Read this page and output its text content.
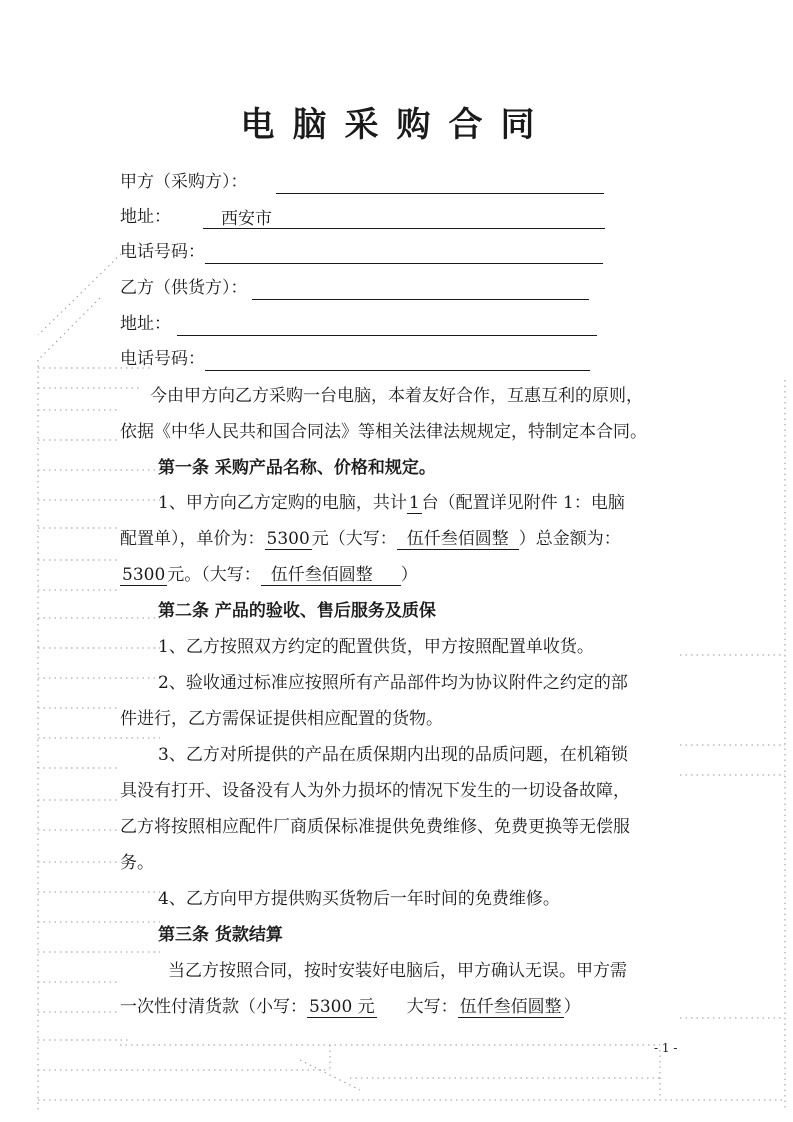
电脑采购合同
甲方（采购方）：
地址：	西安市
电话号码：
乙方（供货方）：
地址：
电话号码：
今由甲方向乙方采购一台电脑，本着友好合作，互惠互利的原则，
依据《中华人民共和国合同法》等相关法律法规规定，特制定本合同。
第一条 采购产品名称、价格和规定。
1、甲方向乙方定购的电脑，共计 1 台（配置详见附件 1：电脑
配置单），单价为： 5300 元（大写： 伍仟叁佰圆整 ）总金额为：
5300 元。（大写： 伍仟叁佰圆整 ）
第二条 产品的验收、售后服务及质保
1、乙方按照双方约定的配置供货，甲方按照配置单收货。
2、验收通过标准应按照所有产品部件均为协议附件之约定的部
件进行，乙方需保证提供相应配置的货物。
3、乙方对所提供的产品在质保期内出现的品质问题，在机箱锁
具没有打开、设备没有人为外力损坏的情况下发生的一切设备故障，
乙方将按照相应配件厂商质保标准提供免费维修、免费更换等无偿服
务。
4、乙方向甲方提供购买货物后一年时间的免费维修。
第三条 货款结算
当乙方按照合同，按时安装好电脑后，甲方确认无误。甲方需
一次性付清货款（小写： 5300 元 大写： 伍仟叁佰圆整 ）
- 1 -
